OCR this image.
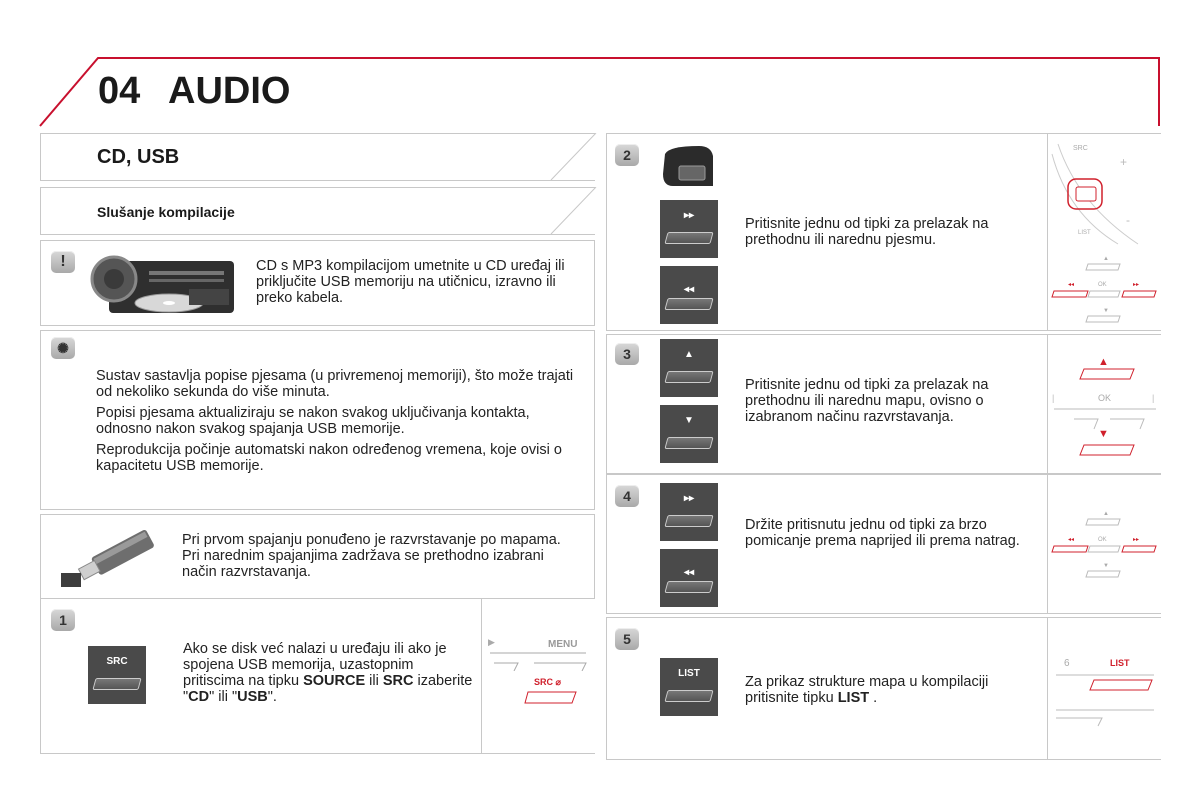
04 AUDIO
CD, USB
Slušanje kompilacije
!	CD s MP3 kompilacijom umetnite u CD uređaj ili priključite USB memoriju na utičnicu, izravno ili preko kabela.
✺

Sustav sastavlja popise pjesama (u privremenoj memoriji), što može trajati od nekoliko sekunda do više minuta.

Popisi pjesama aktualiziraju se nakon svakog uključivanja kontakta, odnosno nakon svakog spajanja USB memorije.

Reprodukcija počinje automatski nakon određenog vremena, koje ovisi o kapacitetu USB memorije.

Pri prvom spajanju ponuđeno je razvrstavanje po mapama. Pri narednim spajanjima zadržava se prethodno izabrani način razvrstavanja.
1
SRC
Ako se disk već nalazi u uređaju ili ako je spojena USB memorija, uzastopnim pritiscima na tipku SOURCE ili SRC izaberite "CD" ili "USB".
▶	MENU
SRC ⌀
2
▸▸
◂◂
Pritisnite jednu od tipki za prelazak na prethodnu ili narednu pjesmu.
SRC
+
-
LIST
▲
◂◂	OK	▸▸
▼
3	▲
▼
Pritisnite jednu od tipki za prelazak na prethodnu ili narednu mapu, ovisno o izabranom načinu razvrstavanja.
▲
|	OK	|
▼
4	▸▸
◂◂
Držite pritisnutu jednu od tipki za brzo pomicanje prema naprijed ili prema natrag.
▲
◂◂	OK	▸▸
▼
5
LIST
Za prikaz strukture mapa u kompilaciji pritisnite tipku LIST .
6	LIST
